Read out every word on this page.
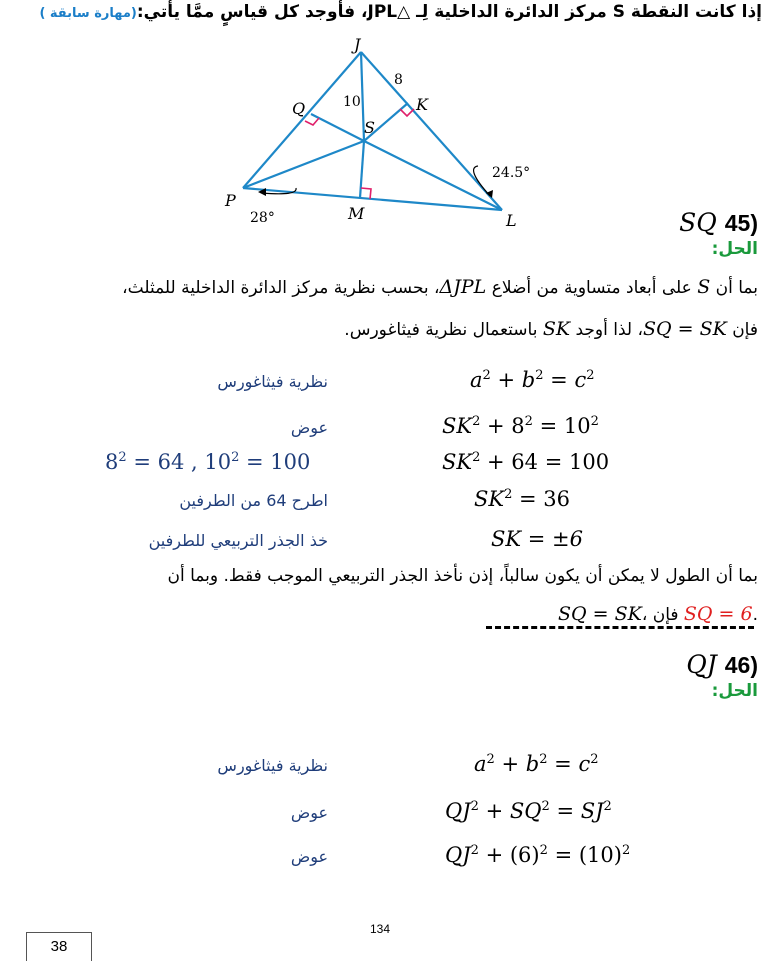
إذا كانت النقطة S مركز الدائرة الداخلية لِـ △JPL، فأوجد كل قياسٍ ممَّا يأتي:(مهارة سابقة )
J
P
L
Q	K
M
S
10
8
28°
24.5°
SQ 45)
الحل:
بما أن S على أبعاد متساوية من أضلاع ΔJPL، بحسب نظرية مركز الدائرة الداخلية للمثلث،
فإن SQ = SK، لذا أوجد SK باستعمال نظرية فيثاغورس.
$a^2 + b^2 = c^2$
نظرية فيثاغورس
$SK^2 + 8^2 = 10^2$
عوض
$SK^2 + 64 = 100$
$8^2 = 64$ , $10^2 = 100$
$SK^2 = 36$
اطرح 64 من الطرفين
SK = ±6
خذ الجذر التربيعي للطرفين
بما أن الطول لا يمكن أن يكون سالباً، إذن نأخذ الجذر التربيعي الموجب فقط. وبما أن
SQ = SK، فإن SQ = 6.
QJ 46)
الحل:
$a^2 + b^2 = c^2$
نظرية فيثاغورس
$QJ^2 + SQ^2 = SJ^2$
عوض
$QJ^2 + (6)^2 = (10)^2$
عوض
134
38
